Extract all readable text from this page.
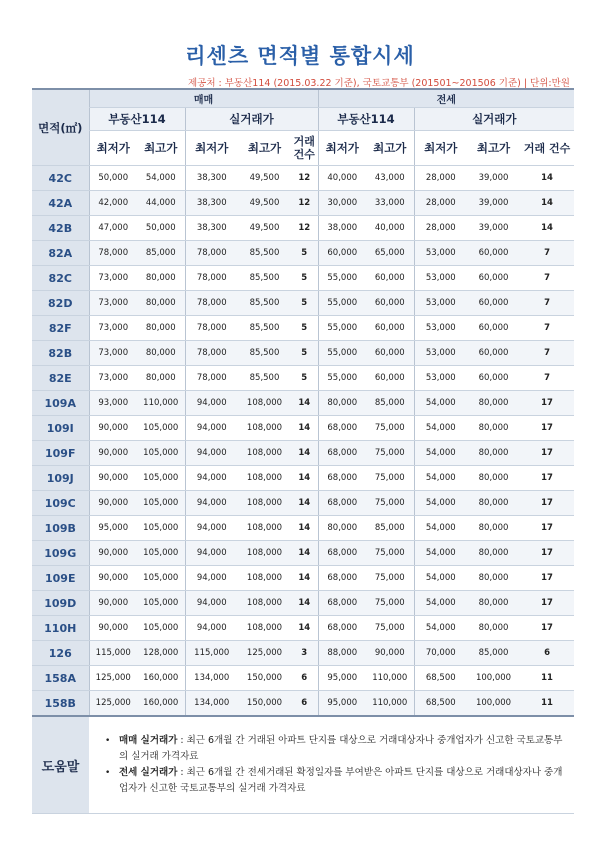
리센츠 면적별 통합시세
제공처 : 부동산114 (2015.03.22 기준), 국토교통부 (201501~201506 기준) | 단위:만원
면적(㎡)	매매					전세				
	부동산114		실거래가			부동산114		실거래가		
	최저가	최고가	최저가	최고가	거래 건수	최저가	최고가	최저가	최고가	거래 건수
42C	50,000	54,000	38,300	49,500	12	40,000	43,000	28,000	39,000	14
42A	42,000	44,000	38,300	49,500	12	30,000	33,000	28,000	39,000	14
42B	47,000	50,000	38,300	49,500	12	38,000	40,000	28,000	39,000	14
82A	78,000	85,000	78,000	85,500	5	60,000	65,000	53,000	60,000	7
82C	73,000	80,000	78,000	85,500	5	55,000	60,000	53,000	60,000	7
82D	73,000	80,000	78,000	85,500	5	55,000	60,000	53,000	60,000	7
82F	73,000	80,000	78,000	85,500	5	55,000	60,000	53,000	60,000	7
82B	73,000	80,000	78,000	85,500	5	55,000	60,000	53,000	60,000	7
82E	73,000	80,000	78,000	85,500	5	55,000	60,000	53,000	60,000	7
109A	93,000	110,000	94,000	108,000	14	80,000	85,000	54,000	80,000	17
109I	90,000	105,000	94,000	108,000	14	68,000	75,000	54,000	80,000	17
109F	90,000	105,000	94,000	108,000	14	68,000	75,000	54,000	80,000	17
109J	90,000	105,000	94,000	108,000	14	68,000	75,000	54,000	80,000	17
109C	90,000	105,000	94,000	108,000	14	68,000	75,000	54,000	80,000	17
109B	95,000	105,000	94,000	108,000	14	80,000	85,000	54,000	80,000	17
109G	90,000	105,000	94,000	108,000	14	68,000	75,000	54,000	80,000	17
109E	90,000	105,000	94,000	108,000	14	68,000	75,000	54,000	80,000	17
109D	90,000	105,000	94,000	108,000	14	68,000	75,000	54,000	80,000	17
110H	90,000	105,000	94,000	108,000	14	68,000	75,000	54,000	80,000	17
126	115,000	128,000	115,000	125,000	3	88,000	90,000	70,000	85,000	6
158A	125,000	160,000	134,000	150,000	6	95,000	110,000	68,500	100,000	11
158B	125,000	160,000	134,000	150,000	6	95,000	110,000	68,500	100,000	11
도움말	• 매매 실거래가 : 최근 6개월 간 거래된 아파트 단지를 대상으로 거래대상자나 중개업자가 신고한 국토교통부의 실거래 가격자료
• 전세 실거래가 : 최근 6개월 간 전세거래된 확정일자를 부여받은 아파트 단지를 대상으로 거래대상자나 중개업자가 신고한 국토교통부의 실거래 가격자료									
